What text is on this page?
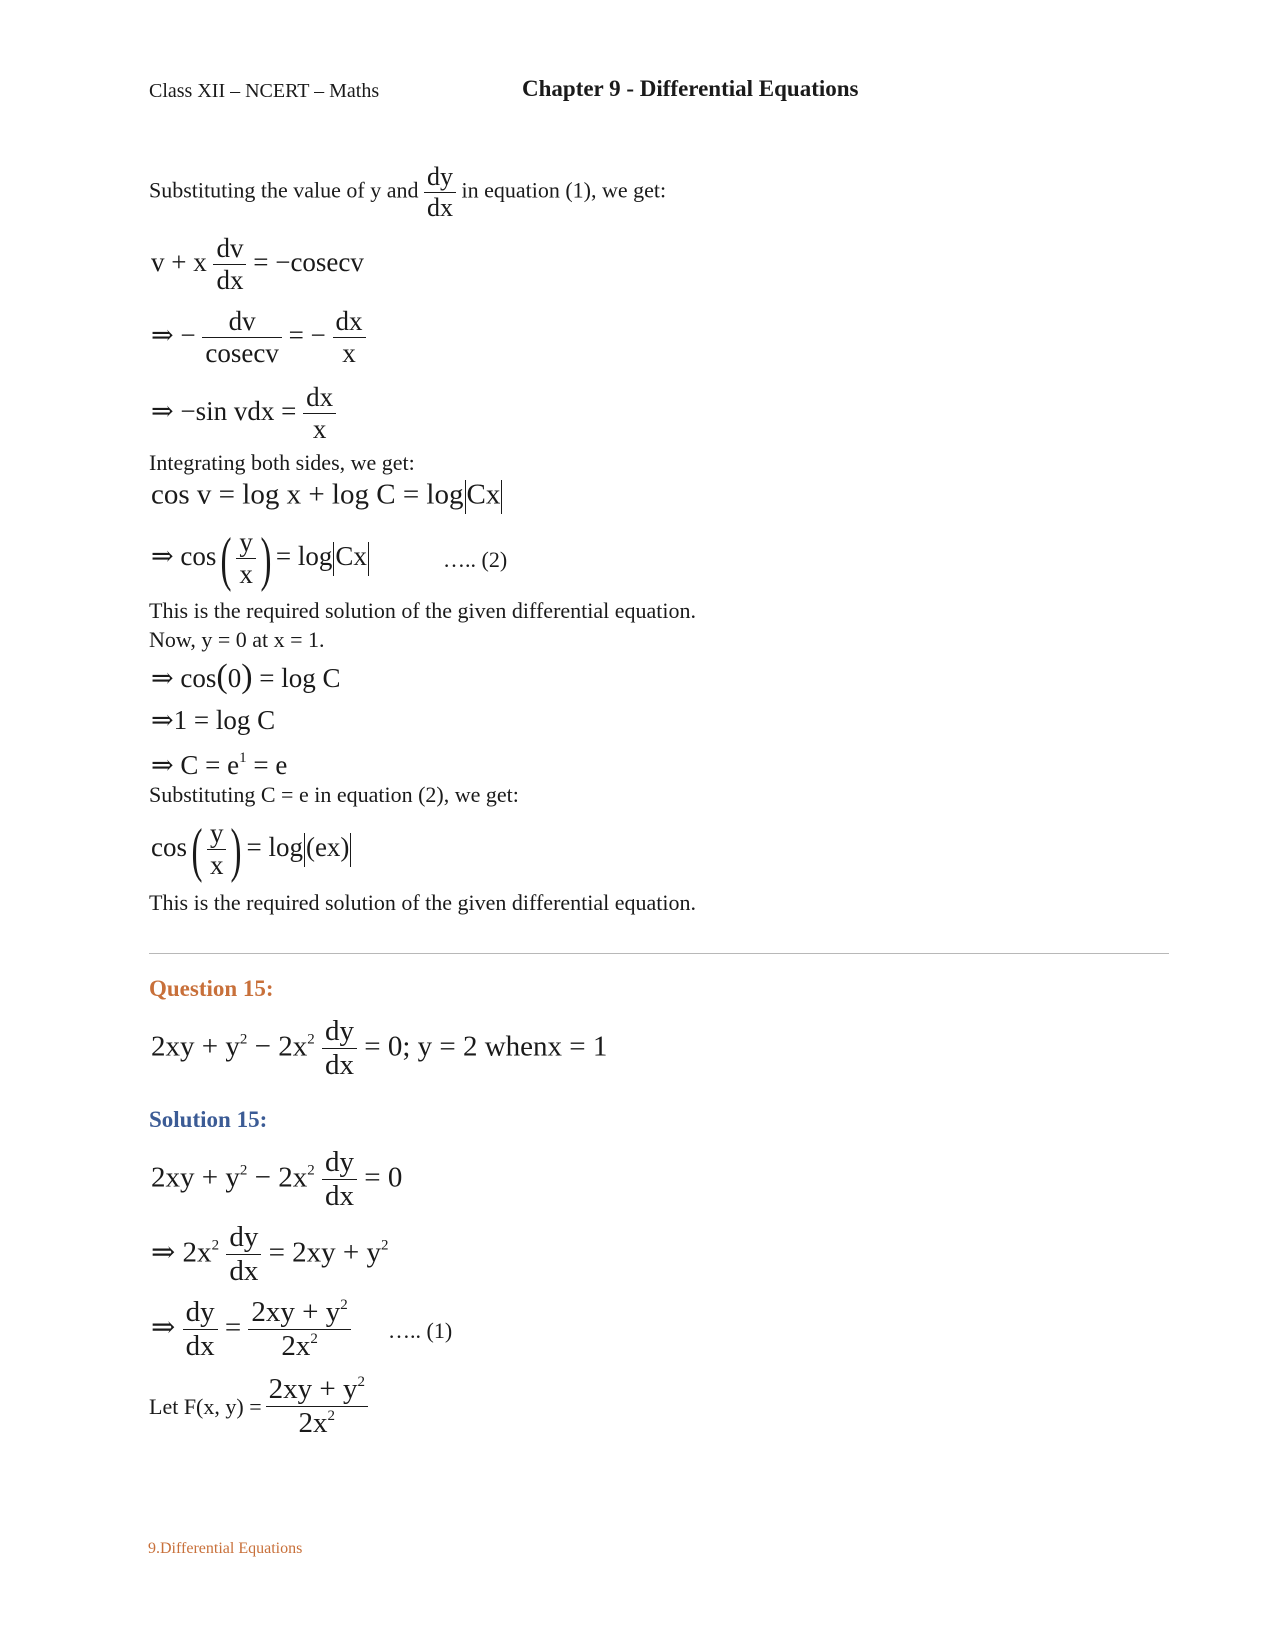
Class XII – NCERT – Maths	Chapter 9 - Differential Equations
Substituting the value of y and $\frac{dy}{dx}$ in equation (1), we get:
v + x $\frac{dv}{dx} = -cosecv$
⇒ − $\frac{dv}{cosecv}$ = − $\frac{dx}{x}$
⇒ −sin vdx = $\frac{dx}{x}$
Integrating both sides, we get:
cos v = log x + log C = log Cx
⇒ $\cos( \frac{y}{x}$ ) = log Cx	….. (2)
This is the required solution of the given differential equation.
Now, y = 0 at x = 1.
⇒ cos(0) = log C
⇒1 = log C
⇒ $C = e^1 = e$
Substituting C = e in equation (2), we get:
$\cos( \frac{y}{x}$ ) = log (ex)
This is the required solution of the given differential equation.
Question 15:
$2xy + y^2 - 2x^2 \frac{dy}{dx} = 0$; y = 2 whenx = 1
Solution 15:
$2xy + y^2 - 2x^2 \frac{dy}{dx} = 0$
⇒ $2x^2 \frac{dy}{dx} = 2xy + y^2$
⇒ $\frac{dy}{dx} = \frac{2xy + y^2}{2x^2}$ ….. (1)
Let F(x, $y) = \frac{2xy + y^2}{2x^2}$
9.Differential Equations
